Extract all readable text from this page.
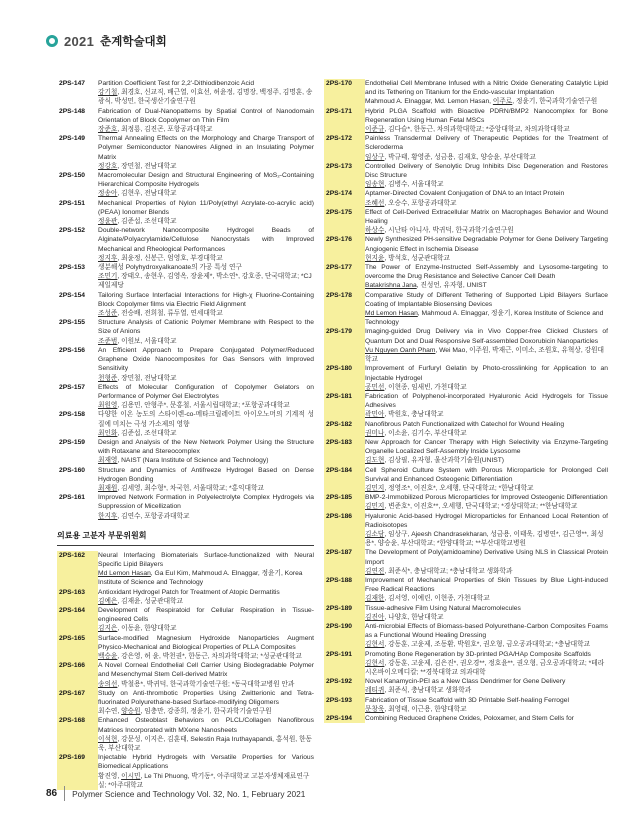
2021 춘계학술대회
2PS-147	Partition Coefficient Test for 2,2'-Dithiodibenzoic Acid
강기철, 최경호, 신교직, 배근열, 이효선, 허윤정, 김명장, 백정주, 김명훈, 송광식, 박성민, 한국생산기술연구원
2PS-148	Fabrication of Dual-Nanopatterns by Spatial Control of Nanodomain Orientation of Block Copolymer on Thin Film
장준호, 최정룡, 김진곤, 포항공과대학교
2PS-149	Thermal Annealing Effects on the Morphology and Charge Transport of Polymer Semiconductor Nanowires Aligned in an Insulating Polymer Matrix
정강호, 장민철, 전남대학교
2PS-150	Macromolecular Design and Structural Engineering of MoS₂-Containing Hierarchical Composite Hydrogels
정송아, 김현우, 전남대학교
2PS-151	Mechanical Properties of Nylon 11/Poly(ethyl Acrylate-co-acrylic acid) (PEAA) Ionomer Blends
정윤관, 김준섭, 조선대학교
2PS-152	Double-network Nanocomposite Hydrogel Beads of Alginate/Polyacrylamide/Cellulose Nanocrystals with Improved Mechanical and Rheological Performances
정지후, 최윤정, 신봉근, 엄영호, 부경대학교
2PS-153	생분해성 Polyhydroxyalkanoate의 가공 특성 연구
조민기, 장태오, 송현우, 김영옥, 장윤제*, 박소연*, 강호종, 단국대학교; *CJ제일제당
2PS-154	Tailoring Surface Interfacial Interactions for High-χ Fluorine-Containing Block Copolymer films via Electric Field Alignment
조성준, 전승배, 전희철, 류두열, 연세대학교
2PS-155	Structure Analysis of Cationic Polymer Membrane with Respect to the Size of Anions
조준범, 이원보, 서울대학교
2PS-156	An Efficient Approach to Prepare Conjugated Polymer/Reduced Graphene Oxide Nanocomposites for Gas Sensors with Improved Sensitivity
천형준, 장민철, 전남대학교
2PS-157	Effects of Molecular Configuration of Copolymer Gelators on Performance of Polymer Gel Electrolytes
최원영, 김용민, 안형주*, 문홍철, 서울시립대학교; *포항공과대학교
2PS-158	다양한 이온 농도의 스타이렌-co-메타크릴레이트 아이오노머의 기계적 성질에 미치는 극성 가소제의 영향
최인화, 김준섭, 조선대학교
2PS-159	Design and Analysis of the New Network Polymer Using the Structure with Rotaxane and Stereocomplex
최재영, NAIST (Nara Institute of Science and Technology)
2PS-160	Structure and Dynamics of Antifreeze Hydrogel Based on Dense Hydrogen Bonding
최재원, 김세영, 최수형*, 차국헌, 서울대학교; *홍익대학교
2PS-161	Improved Network Formation in Polyelectrolyte Complex Hydrogels via Suppression of Micellization
한지후, 김연수, 포항공과대학교
의료용 고분자 부문위원회
2PS-162	Neural Interfacing Biomaterials Surface-functionalized with Neural Specific Lipid Bilayers
Md Lemon Hasan, Ga Eul Kim, Mahmoud A. Elnaggar, 정윤기, Korea Institute of Science and Technology
2PS-163	Antioxidant Hydrogel Patch for Treatment of Atopic Dermatitis
김예은, 김재윤, 성균관대학교
2PS-164	Development of Respiratoid for Cellular Respiration in Tissue-engineered Cells
김지은, 이동윤, 한양대학교
2PS-165	Surface-modified Magnesium Hydroxide Nanoparticles Augment Physico-Mechanical and Biological Properties of PLLA Composites
백승윤, 강은영, 허 윤, 박천권*, 한동근, 차의과학대학교; *성균관대학교
2PS-166	A Novel Corneal Endothelial Cell Carrier Using Biodegradable Polymer and Mesenchymal Stem Cell-derived Matrix
송의선, 박철용*, 박귀덕, 한국과학기술연구원; *동국대학교병원 안과
2PS-167	Study on Anti-thrombotic Properties Using Zwitterionic and Tetra-fluorinated Polyurethane-based Surface-modifying Oligomers
최수연, 양승원, 임충만, 강종희, 정윤기, 한국과학기술연구원
2PS-168	Enhanced Osteoblast Behaviors on PLCL/Collagen Nanofibrous Matrices Incorporated with MXene Nanosheets
이석현, 강문성, 이지은, 김훈태, Selestin Raja Iruthayapandi, 홍석원, 한동욱, 부산대학교
2PS-169	Injectable Hybrid Hydrogels with Versatile Properties for Various Biomedical Applications
황진영, 이시민, Le Thi Phuong, 박기동*, 아주대학교 고분자생체재료연구실; *아주대학교
2PS-170	Endothelial Cell Membrane Infused with a Nitric Oxide Generating Catalytic Lipid and its Tethering on Titanium for the Endo-vascular Implantation
Mahmoud A. Elnaggar, Md. Lemon Hasan, 이주로, 정윤기, 한국과학기술연구원
2PS-171	Hybrid PLGA Scaffold with Bioactive PDRN/BMP2 Nanocomplex for Bone Regeneration Using Human Fetal MSCs
이준규, 김다슬*, 한동근, 차의과학대학교; *중앙대학교, 차의과학대학교
2PS-172	Painless Transdermal Delivery of Therapeutic Peptides for the Treatment of Scleroderma
임상구, 박규태, 황영준, 성금용, 김재호, 양승윤, 부산대학교
2PS-173	Controlled Delivery of Senolytic Drug Inhibits Disc Degeneration and Restores Disc Structure
임송현, 김병수, 서울대학교
2PS-174	Aptamer-Directed Covalent Conjugation of DNA to an Intact Protein
조혜선, 오승수, 포항공과대학교
2PS-175	Effect of Cell-Derived Extracellular Matrix on Macrophages Behavior and Wound Healing
하상수, 시난타 아니사, 박귀덕, 한국과학기술연구원
2PS-176	Newly Synthesized PH-sensitive Degradable Polymer for Gene Delivery Targeting Angiogenic Effect in Ischemia Disease
현지윤, 방석호, 성균관대학교
2PS-177	The Power of Enzyme-Instructed Self-Assembly and Lysosome-targeting to overcome the Drug Resistance and Selective Cancer Cell Death
Batakrishna Jana, 진성언, 유자형, UNIST
2PS-178	Comparative Study of Different Tethering of Supported Lipid Bilayers Surface Coating of Implantable Biosensing Devices
Md Lemon Hasan, Mahmoud A. Elnaggar, 정윤기, Korea Institute of Science and Technology
2PS-179	Imaging-guided Drug Delivery via in Vivo Copper-free Clicked Clusters of Quantum Dot and Dual Responsive Self-assembled Doxorubicin Nanoparticles
Vu Nguyen Oanh Pham, Wei Mao, 이주원, 박재근, 이미소, 조원호, 유혁상, 강원대학교
2PS-180	Improvement of Furfuryl Gelatin by Photo-crosslinking for Application to an Injectable Hydrogel
공민선, 이현종, 임새빈, 가천대학교
2PS-181	Fabrication of Polyphenol-incorporated Hyaluronic Acid Hydrogels for Tissue Adhesives
곽민아, 박원호, 충남대학교
2PS-182	Nanofibrous Patch Functionalized with Catechol for Wound Healing
권미나, 이소윤, 김기수, 부산대학교
2PS-183	New Approach for Cancer Therapy with High Selectivity via Enzyme-Targeting Organelle Localized Self-Assembly Inside Lysosome
김도현, 김상필, 유자형, 울산과학기술원(UNIST)
2PS-184	Cell Spheroid Culture System with Porous Microparticle for Prolonged Cell Survival and Enhanced Osteogenic Differentiation
김민지, 정영조*, 이진호*, 오세행, 단국대학교; *한남대학교
2PS-185	BMP-2-Immobilized Porous Microparticles for Improved Osteogenic Differentiation
김민지, 변준호*, 이진호**, 오세행, 단국대학교; *경상대학교; **한남대학교
2PS-186	Hyaluronic Acid-based Hydrogel Microparticles for Enhanced Local Retention of Radioisotopes
김소담, 임상구, Ajeesh Chandrasekharan, 성금용, 이태욱, 김병연*, 김근영**, 최성용*, 양승윤, 부산대학교; *한양대학교; **부산대학교병원
2PS-187	The Development of Poly(amidoamine) Derivative Using NLS in Classical Protein Import
김연진, 최준식*, 충남대학교; *충남대학교 생화학과
2PS-188	Improvement of Mechanical Properties of Skin Tissues by Blue Light-induced Free Radical Reactions
김재한, 김서영, 이예린, 이현종, 가천대학교
2PS-189	Tissue-adhesive Film Using Natural Macromolecules
김진아, 나양호, 한남대학교
2PS-190	Anti-microbial Effects of Biomass-based Polyurethane-Carbon Composites Foams as a Functional Wound Healing Dressing
김현서, 강동훈, 고윤제, 조동환, 박원호*, 권오형, 금오공과대학교; *충남대학교
2PS-191	Promoting Bone Regeneration by 3D-printed PGA/HAp Composite Scaffolds
김현서, 강동훈, 고윤제, 김은진*, 권오경**, 정호윤**, 권오형, 금오공과대학교; *테라시온바이오메디칼; **경북대학교 의과대학
2PS-192	Novel Kanamycin-PEI as a New Class Dendrimer for Gene Delivery
레티퀴, 최준식, 충남대학교 생화학과
2PS-193	Fabrication of Tissue Scaffold with 3D Printable Self-healing Ferrogel
문창욱, 최영태, 이근용, 한양대학교
2PS-194	Combining Reduced Graphene Oxides, Poloxamer, and Stem Cells for
86 Polymer Science and Technology Vol. 32, No. 1, February 2021
